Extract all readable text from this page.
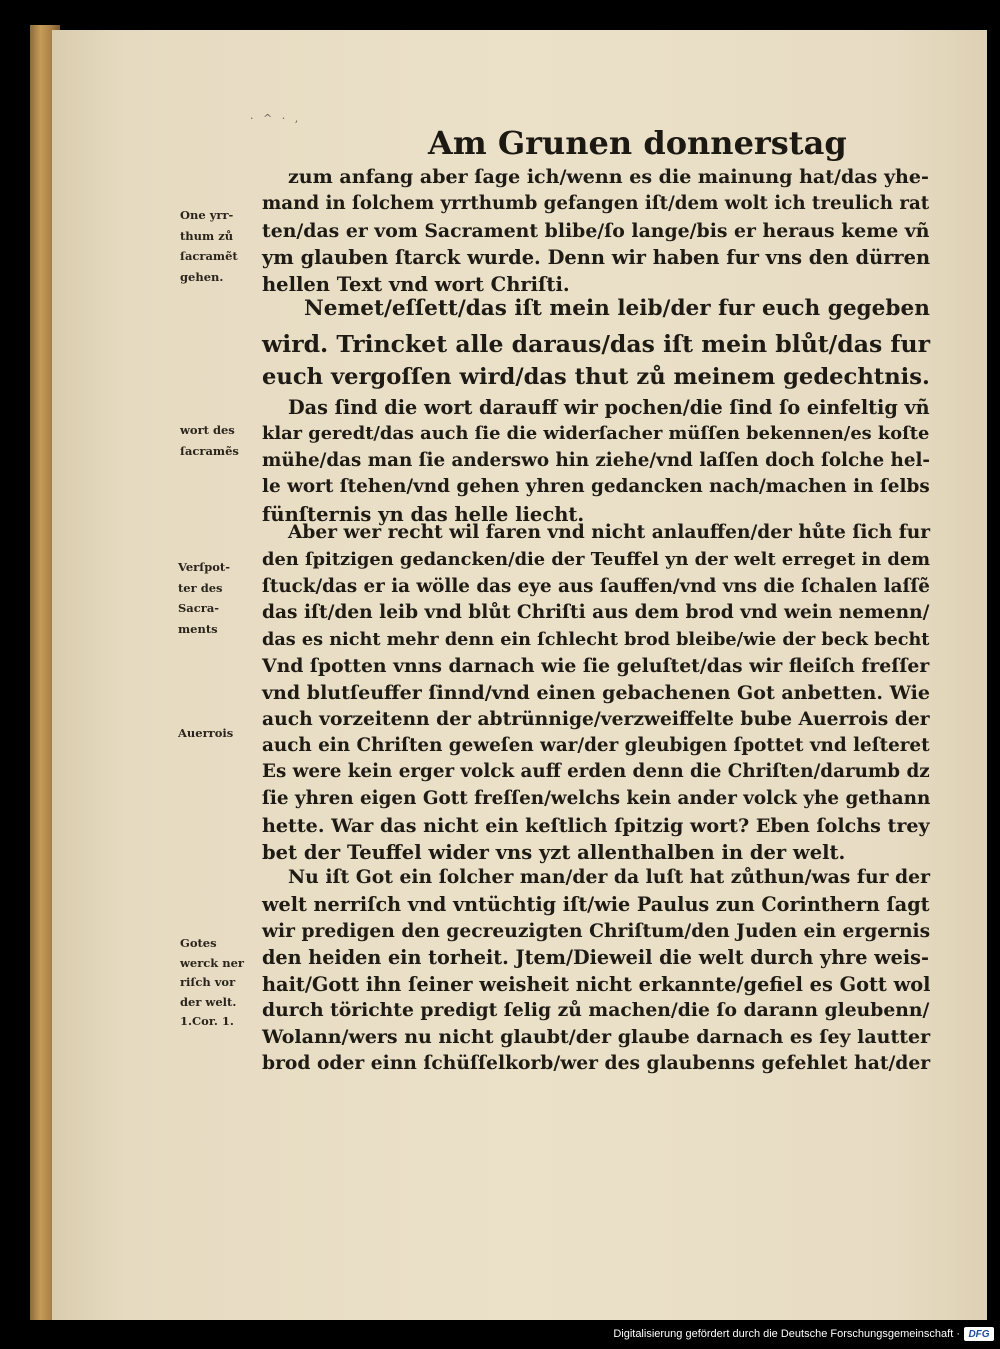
· ^ · ,
Am Grunen donnerstag
zum anfang aber ſage ich/wenn es die mainung hat/das yhe-
mand in ſolchem yrrthumb gefangen iſt/dem wolt ich treulich rat
ten/das er vom Sacrament blibe/ſo lange/bis er heraus keme vñ
ym glauben ſtarck wurde. Denn wir haben fur vns den dürren
hellen Text vnd wort Chriſti.
Nemet/eſſett/das iſt mein leib/der fur euch gegeben
wird. Trincket alle daraus/das iſt mein blůt/das fur
euch vergoſſen wird/das thut zů meinem gedechtnis.
Das ſind die wort darauff wir pochen/die ſind ſo einfeltig vñ
klar geredt/das auch ſie die widerſacher müſſen bekennen/es koſte
mühe/das man ſie anderswo hin ziehe/vnd laſſen doch ſolche hel-
le wort ſtehen/vnd gehen yhren gedancken nach/machen in ſelbs
fünſternis yn das helle liecht.
Aber wer recht wil faren vnd nicht anlauffen/der hůte ſich fur
den ſpitzigen gedancken/die der Teuffel yn der welt erreget in dem
ſtuck/das er ia wölle das eye aus ſauffen/vnd vns die ſchalen laſſẽ
das iſt/den leib vnd blůt Chriſti aus dem brod vnd wein nemenn/
das es nicht mehr denn ein ſchlecht brod bleibe/wie der beck becht
Vnd ſpotten vnns darnach wie ſie geluſtet/das wir fleiſch freſſer
vnd blutſeuffer ſinnd/vnd einen gebachenen Got anbetten. Wie
auch vorzeitenn der abtrünnige/verzweiffelte bube Auerrois der
auch ein Chriſten geweſen war/der gleubigen ſpottet vnd leſteret
Es were kein erger volck auff erden denn die Chriſten/darumb dz
ſie yhren eigen Gott freſſen/welchs kein ander volck yhe gethann
hette. War das nicht ein keſtlich ſpitzig wort? Eben ſolchs trey
bet der Teuffel wider vns yzt allenthalben in der welt.
Nu iſt Got ein ſolcher man/der da luſt hat zůthun/was fur der
welt nerriſch vnd vntüchtig iſt/wie Paulus zun Corinthern ſagt
wir predigen den gecreuzigten Chriſtum/den Juden ein ergernis
den heiden ein torheit. Jtem/Dieweil die welt durch yhre weis-
hait/Gott ihn ſeiner weisheit nicht erkannte/gefiel es Gott wol
durch törichte predigt ſelig zů machen/die ſo darann gleubenn/
Wolann/wers nu nicht glaubt/der glaube darnach es ſey lautter
brod oder einn ſchüſſelkorb/wer des glaubenns gefehlet hat/der
One yrr-
thum zů
ſacramẽt
gehen.
wort des
ſacramẽs
Verſpot-
ter des
Sacra-
ments
Auerrois
Gotes
werck ner
riſch vor
der welt.
1.Cor. 1.
Digitalisierung gefördert durch die Deutsche Forschungsgemeinschaft · DFG
